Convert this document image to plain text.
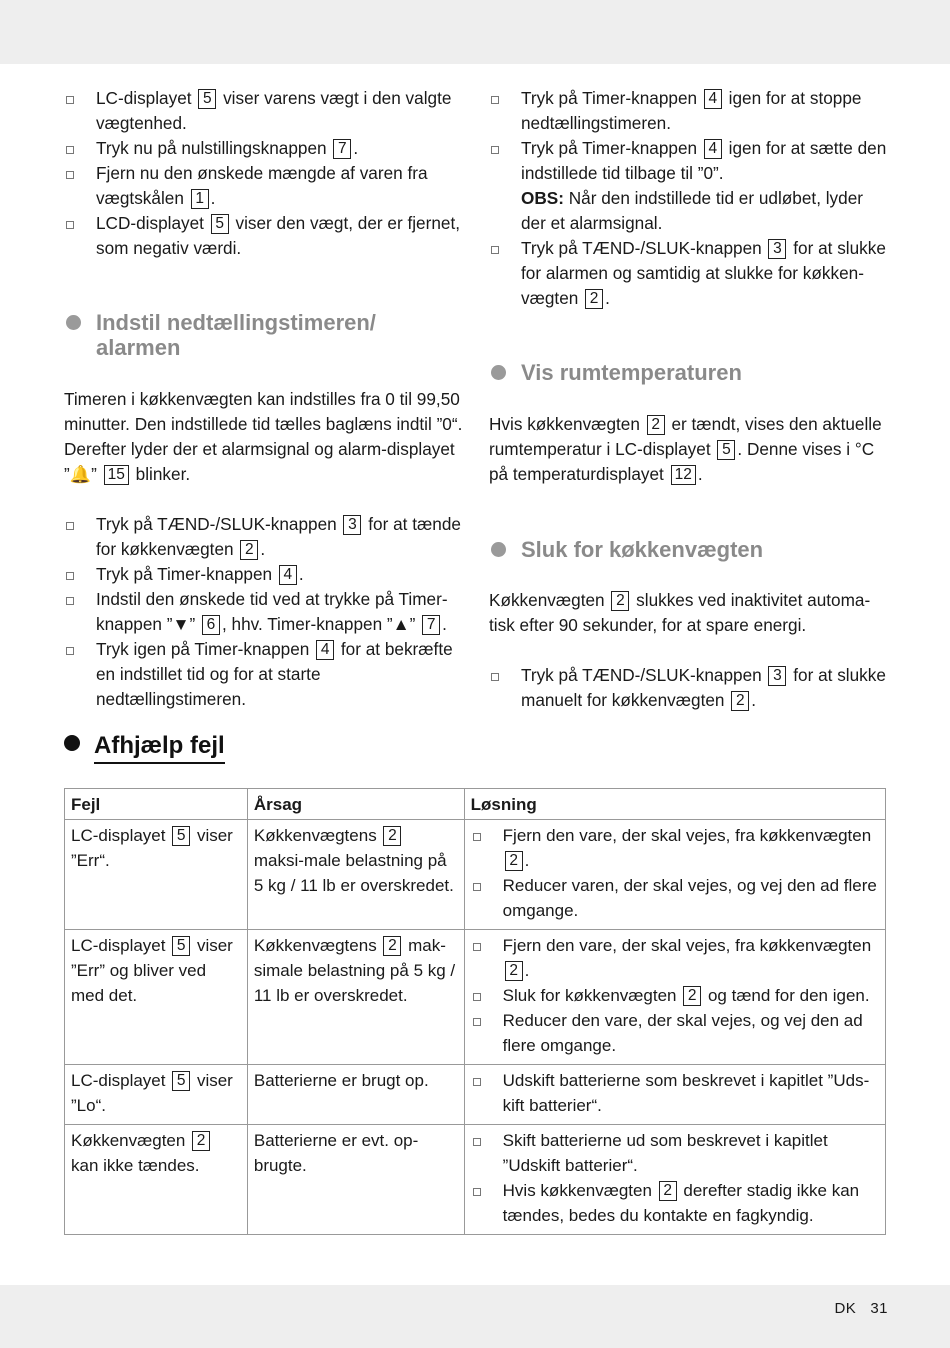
LC-displayet 5 viser varens vægt i den valgte vægtenhed.
Tryk nu på nulstillingsknappen 7 .
Fjern nu den ønskede mængde af varen fra vægtskålen 1 .
LCD-displayet 5 viser den vægt, der er fjernet, som negativ værdi.
Indstil nedtællingstimeren/ alarmen
Timeren i køkkenvægten kan indstilles fra 0 til 99,50 minutter. Den indstillede tid tælles baglæns indtil ”0“. Derefter lyder der et alarmsignal og alarm-displayet ”🔔” 15 blinker.
Tryk på TÆND-/SLUK-knappen 3 for at tænde for køkkenvægten 2 .
Tryk på Timer-knappen 4 .
Indstil den ønskede tid ved at trykke på Timer-knappen ”▼” 6 , hhv. Timer-knappen ”▲” 7 .
Tryk igen på Timer-knappen 4 for at bekræfte en indstillet tid og for at starte nedtællingstimeren.
Tryk på Timer-knappen 4 igen for at stoppe nedtællingstimeren.
Tryk på Timer-knappen 4 igen for at sætte den indstillede tid tilbage til ”0”.
OBS: Når den indstillede tid er udløbet, lyder der et alarmsignal.
Tryk på TÆND-/SLUK-knappen 3 for at slukke for alarmen og samtidig at slukke for køkken-vægten 2 .
Vis rumtemperaturen
Hvis køkkenvægten 2 er tændt, vises den aktuelle rumtemperatur i LC-displayet 5 . Denne vises i °C på temperaturdisplayet 12 .
Sluk for køkkenvægten
Køkkenvægten 2 slukkes ved inaktivitet automa-tisk efter 90 sekunder, for at spare energi.
Tryk på TÆND-/SLUK-knappen 3 for at slukke manuelt for køkkenvægten 2 .
Afhjælp fejl
Fejl	Årsag	Løsning
LC-displayet 5 viser ”Err“.	Køkkenvægtens 2 maksi-male belastning på 5 kg / 11 lb er overskredet.	Fjern den vare, der skal vejes, fra køkkenvægten 2 .
Reducer varen, der skal vejes, og vej den ad flere omgange.

LC-displayet 5 viser ”Err” og bliver ved med det.	Køkkenvægtens 2 mak-simale belastning på 5 kg / 11 lb er overskredet.	Fjern den vare, der skal vejes, fra køkkenvægten 2 .
Sluk for køkkenvægten 2 og tænd for den igen.
Reducer den vare, der skal vejes, og vej den ad flere omgange.

LC-displayet 5 viser ”Lo“.	Batterierne er brugt op.	Udskift batterierne som beskrevet i kapitlet ”Uds-kift batterier“.

Køkkenvægten 2 kan ikke tændes.	Batterierne er evt. op-brugte.	Skift batterierne ud som beskrevet i kapitlet ”Udskift batterier“.
Hvis køkkenvægten 2 derefter stadig ikke kan tændes, bedes du kontakte en fagkyndig.
DK 31
